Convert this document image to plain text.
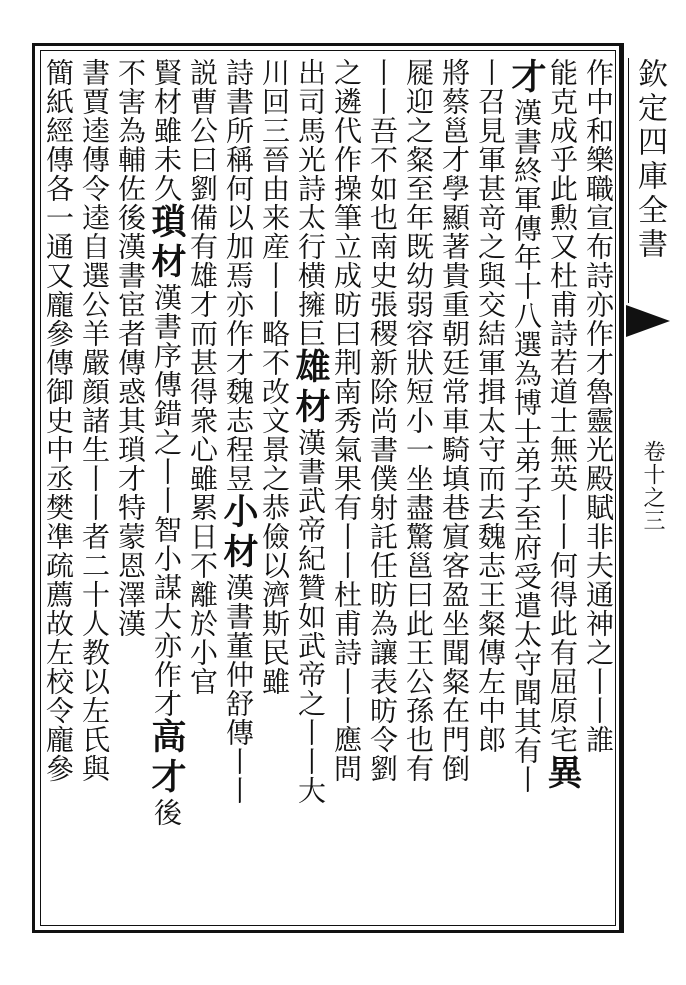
欽定四庫全書
卷十之三
作中和樂職宣布詩亦作才魯靈光殿賦非夫通神之丨丨誰
能克成乎此勲又杜甫詩若道士無英丨丨何得此有屈原宅異
才漢書終軍傳年十八選為博士弟子至府受遣太守聞其有丨
丨召見軍甚竒之與交結軍揖太守而去魏志王粲傳左中郎
將蔡邕才學顯著貴重朝廷常車騎填巷賔客盈坐聞粲在門倒
屣迎之粲至年既幼弱容狀短小一坐盡驚邕曰此王公孫也有
丨丨吾不如也南史張稷新除尚書僕射託任昉為讓表昉令劉
之遴代作操筆立成昉曰荆南秀氣果有丨丨杜甫詩丨丨應問
出司馬光詩太行横擁巨雄材漢書武帝紀贊如武帝之丨丨大
川回三晉由来産丨丨略不改文景之恭儉以濟斯民雖
詩書所稱何以加焉亦作才魏志程昱小材漢書董仲舒傳丨丨
説曹公曰劉備有雄才而甚得衆心雖累日不離於小官
賢材雖未久瑣材漢書序傳錯之丨丨智小謀大亦作才高才後
不害為輔佐後漢書宦者傳惑其瑣才特蒙恩澤漢
書賈逵傳令逵自選公羊嚴顔諸生丨丨者二十人教以左氏與
簡紙經傳各一通又龐參傳御史中丞樊凖疏薦故左校令龐參
